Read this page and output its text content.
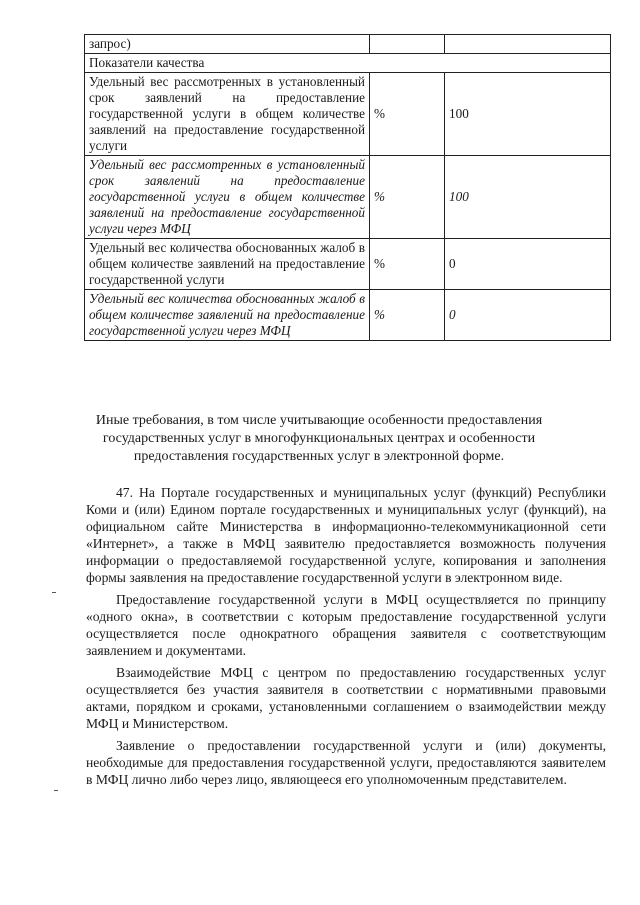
запрос)		
Показатели качества		
Удельный вес рассмотренных в установленный срок заявлений на предоставление государственной услуги в общем количестве заявлений на предоставление государственной услуги	%	100
Удельный вес рассмотренных в установленный срок заявлений на предоставление государственной услуги в общем количестве заявлений на предоставление государственной услуги через МФЦ	%	100
Удельный вес количества обоснованных жалоб в общем количестве заявлений на предоставление государственной услуги	%	0
Удельный вес количества обоснованных жалоб в общем количестве заявлений на предоставление государственной услуги через МФЦ	%	0
Иные требования, в том числе учитывающие особенности предоставления государственных услуг в многофункциональных центрах и особенности предоставления государственных услуг в электронной форме.

47. На Портале государственных и муниципальных услуг (функций) Республики Коми и (или) Едином портале государственных и муниципальных услуг (функций), на официальном сайте Министерства в информационно-телекоммуникационной сети «Интернет», а также в МФЦ заявителю предоставляется возможность получения информации о предоставляемой государственной услуге, копирования и заполнения формы заявления на предоставление государственной услуги в электронном виде.

Предоставление государственной услуги в МФЦ осуществляется по принципу «одного окна», в соответствии с которым предоставление государственной услуги осуществляется после однократного обращения заявителя с соответствующим заявлением и документами.

Взаимодействие МФЦ с центром по предоставлению государственных услуг осуществляется без участия заявителя в соответствии с нормативными правовыми актами, порядком и сроками, установленными соглашением о взаимодействии между МФЦ и Министерством.

Заявление о предоставлении государственной услуги и (или) документы, необходимые для предоставления государственной услуги, предоставляются заявителем в МФЦ лично либо через лицо, являющееся его уполномоченным представителем.
